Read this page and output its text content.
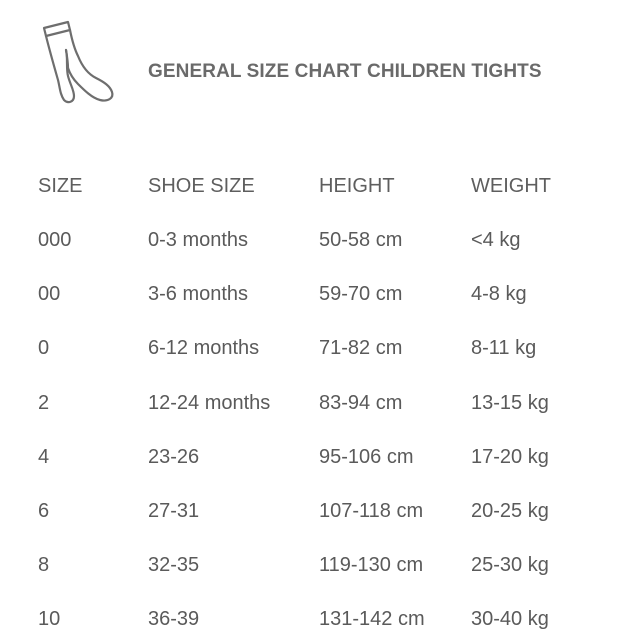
GENERAL SIZE CHART CHILDREN TIGHTS
SIZE	SHOE SIZE	HEIGHT	WEIGHT
000	0-3 months	50-58 cm	<4 kg
00	3-6 months	59-70 cm	4-8 kg
0	6-12 months	71-82 cm	8-11 kg
2	12-24 months 83-94 cm	13-15 kg
4	23-26	95-106 cm	17-20 kg
6	27-31	107-118 cm 20-25 kg
8	32-35	119-130 cm 25-30 kg
10	36-39	131-142 cm 30-40 kg
